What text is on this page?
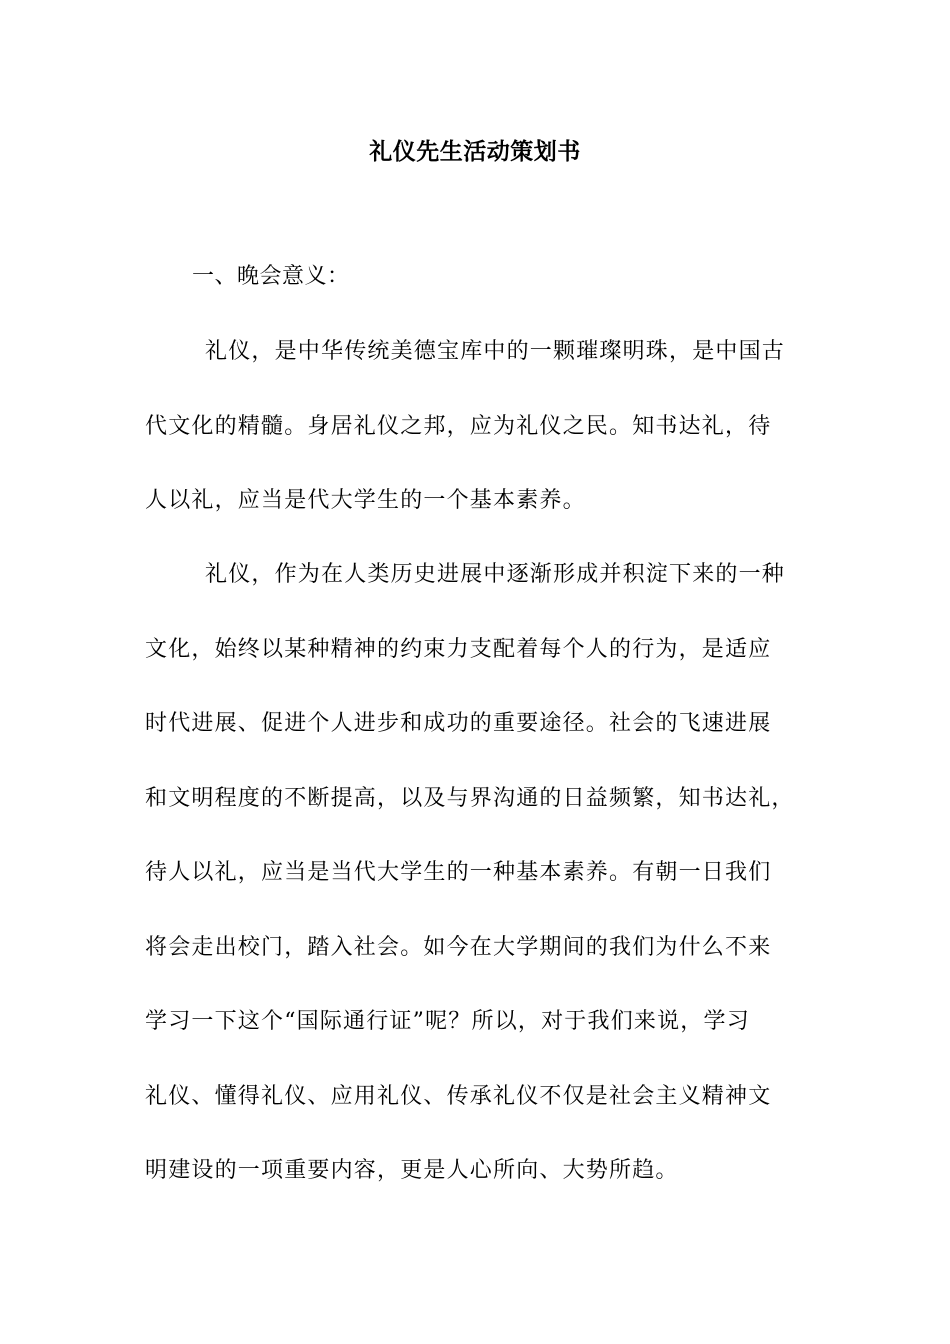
礼仪先生活动策划书

一、晚会意义：

礼仪，是中华传统美德宝库中的一颗璀璨明珠，是中国古
代文化的精髓。身居礼仪之邦，应为礼仪之民。知书达礼，待
人以礼，应当是代大学生的一个基本素养。
礼仪，作为在人类历史进展中逐渐形成并积淀下来的一种
文化，始终以某种精神的约束力支配着每个人的行为，是适应
时代进展、促进个人进步和成功的重要途径。社会的飞速进展
和文明程度的不断提高，以及与界沟通的日益频繁，知书达礼，
待人以礼，应当是当代大学生的一种基本素养。有朝一日我们
将会走出校门，踏入社会。如今在大学期间的我们为什么不来
学习一下这个“国际通行证”呢？所以，对于我们来说，学习
礼仪、懂得礼仪、应用礼仪、传承礼仪不仅是社会主义精神文
明建设的一项重要内容，更是人心所向、大势所趋。
